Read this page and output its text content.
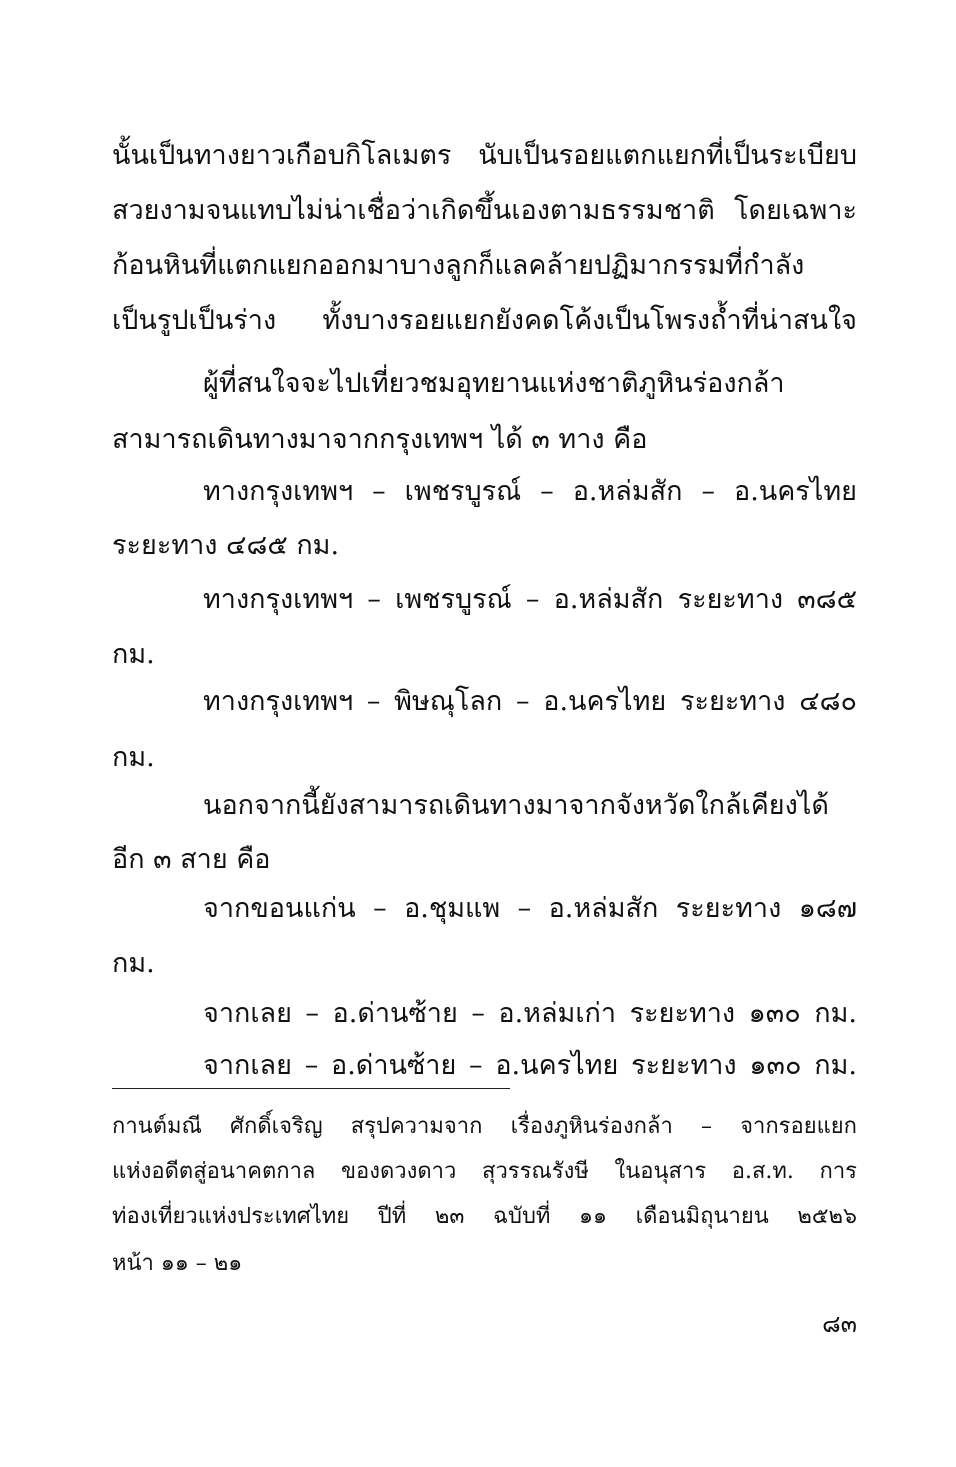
นั้นเป็นทางยาวเกือบกิโลเมตร นับเป็นรอยแตกแยกที่เป็นระเบียบ
สวยงามจนแทบไม่น่าเชื่อว่าเกิดขึ้นเองตามธรรมชาติ โดยเฉพาะ
ก้อนหินที่แตกแยกออกมาบางลูกก็แลคล้ายปฏิมากรรมที่กำลัง
เป็นรูปเป็นร่าง ทั้งบางรอยแยกยังคดโค้งเป็นโพรงถ้ำที่น่าสนใจ
ผู้ที่สนใจจะไปเที่ยวชมอุทยานแห่งชาติภูหินร่องกล้า
สามารถเดินทางมาจากกรุงเทพฯ ได้ ๓ ทาง คือ
ทางกรุงเทพฯ – เพชรบูรณ์ – อ.หล่มสัก – อ.นครไทย
ระยะทาง ๔๘๕ กม.
ทางกรุงเทพฯ – เพชรบูรณ์ – อ.หล่มสัก ระยะทาง ๓๘๕
กม.
ทางกรุงเทพฯ – พิษณุโลก – อ.นครไทย ระยะทาง ๔๘๐
กม.
นอกจากนี้ยังสามารถเดินทางมาจากจังหวัดใกล้เคียงได้
อีก ๓ สาย คือ
จากขอนแก่น – อ.ชุมแพ – อ.หล่มสัก ระยะทาง ๑๘๗
กม.
จากเลย – อ.ด่านซ้าย – อ.หล่มเก่า ระยะทาง ๑๓๐ กม.
จากเลย – อ.ด่านซ้าย – อ.นครไทย ระยะทาง ๑๓๐ กม.
กานต์มณี ศักดิ์เจริญ สรุปความจาก เรื่องภูหินร่องกล้า – จากรอยแยก
แห่งอดีตสู่อนาคตกาล ของดวงดาว สุวรรณรังษี ในอนุสาร อ.ส.ท. การ
ท่องเที่ยวแห่งประเทศไทย ปีที่ ๒๓ ฉบับที่ ๑๑ เดือนมิถุนายน ๒๕๒๖
หน้า ๑๑ – ๒๑
๘๓
